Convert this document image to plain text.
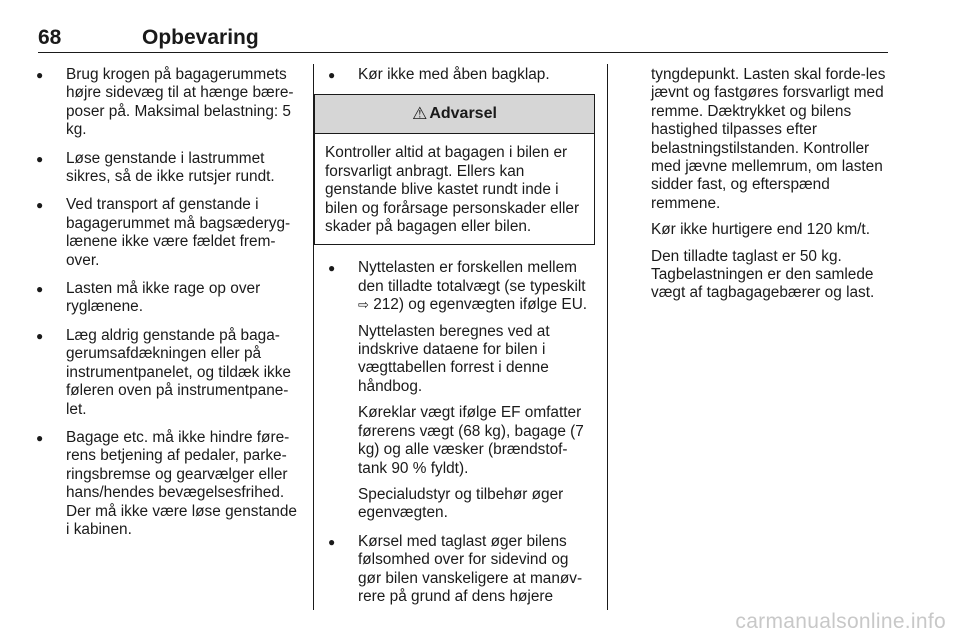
68	Opbevaring
● Brug krogen på bagagerummets højre sidevæg til at hænge bære-poser på. Maksimal belastning: 5 kg.
● Løse genstande i lastrummet sikres, så de ikke rutsjer rundt.
● Ved transport af genstande i bagagerummet må bagsæderyg-lænene ikke være fældet frem-over.
● Lasten må ikke rage op over ryglænene.
● Læg aldrig genstande på baga-gerumsafdækningen eller på instrumentpanelet, og tildæk ikke føleren oven på instrumentpane-let.
● Bagage etc. må ikke hindre føre-rens betjening af pedaler, parke-ringsbremse og gearvælger eller hans/hendes bevægelsesfrihed. Der må ikke være løse genstande i kabinen.
● Kør ikke med åben bagklap.
⚠ Advarsel
Kontroller altid at bagagen i bilen er forsvarligt anbragt. Ellers kan genstande blive kastet rundt inde i bilen og forårsage personskader eller skader på bagagen eller bilen.
● Nyttelasten er forskellen mellem den tilladte totalvægt (se typeskilt
⇨ 212) og egenvægten ifølge EU.
Nyttelasten beregnes ved at indskrive dataene for bilen i vægttabellen forrest i denne håndbog.
Køreklar vægt ifølge EF omfatter førerens vægt (68 kg), bagage (7 kg) og alle væsker (brændstof-tank 90 % fyldt).
Specialudstyr og tilbehør øger egenvægten.
● Kørsel med taglast øger bilens følsomhed over for sidevind og gør bilen vanskeligere at manøv-rere på grund af dens højere

tyngdepunkt. Lasten skal forde-les jævnt og fastgøres forsvarligt med remme. Dæktrykket og bilens hastighed tilpasses efter belastningstilstanden. Kontroller med jævne mellemrum, om lasten sidder fast, og efterspænd remmene.

Kør ikke hurtigere end 120 km/t.

Den tilladte taglast er 50 kg. Tagbelastningen er den samlede vægt af tagbagagebærer og last.

carmanualsonline.info
